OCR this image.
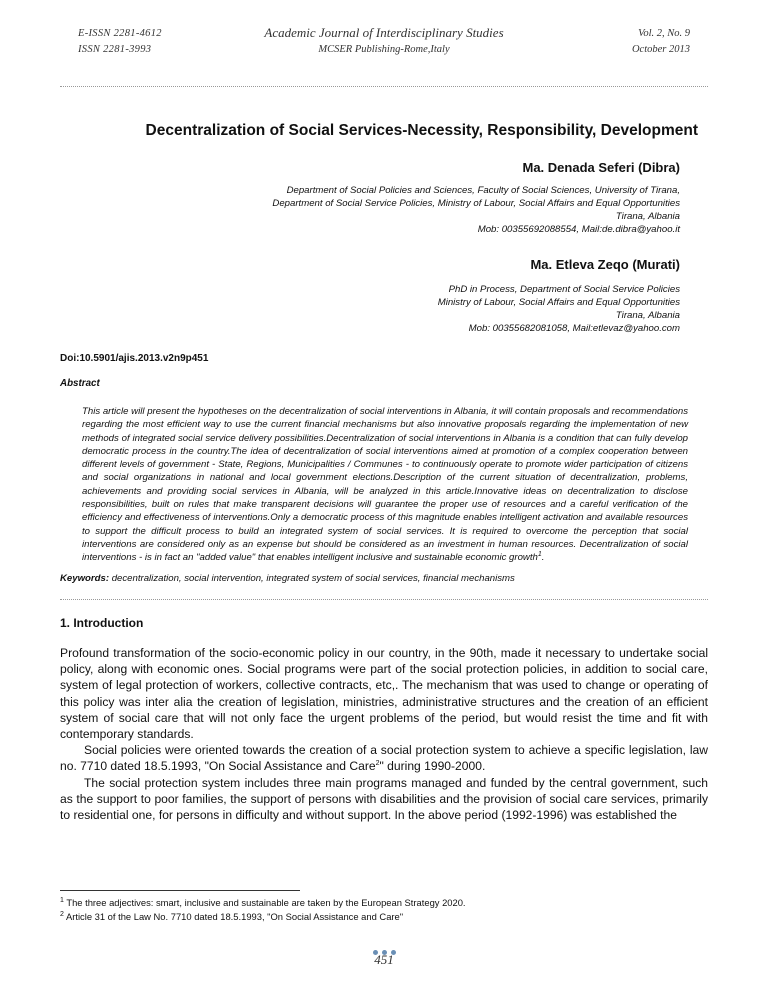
E-ISSN 2281-4612
ISSN 2281-3993
Academic Journal of Interdisciplinary Studies
MCSER Publishing-Rome,Italy
Vol. 2, No. 9
October 2013
Decentralization of Social Services-Necessity, Responsibility, Development
Ma. Denada Seferi (Dibra)
Department of Social Policies and Sciences, Faculty of Social Sciences, University of Tirana,
Department of Social Service Policies, Ministry of Labour, Social Affairs and Equal Opportunities
Tirana, Albania
Mob: 00355692088554, Mail:de.dibra@yahoo.it
Ma. Etleva Zeqo (Murati)
PhD in Process, Department of Social Service Policies
Ministry of Labour, Social Affairs and Equal Opportunities
Tirana, Albania
Mob: 00355682081058, Mail:etlevaz@yahoo.com
Doi:10.5901/ajis.2013.v2n9p451
Abstract
This article will present the hypotheses on the decentralization of social interventions in Albania, it will contain proposals and recommendations regarding the most efficient way to use the current financial mechanisms but also innovative proposals regarding the implementation of new methods of integrated social service delivery possibilities.Decentralization of social interventions in Albania is a condition that can fully develop democratic process in the country.The idea of decentralization of social interventions aimed at promotion of a complex cooperation between different levels of government - State, Regions, Municipalities / Communes - to continuously operate to promote wider participation of citizens and social organizations in national and local government elections.Description of the current situation of decentralization, problems, achievements and providing social services in Albania, will be analyzed in this article.Innovative ideas on decentralization to disclose responsibilities, built on rules that make transparent decisions will guarantee the proper use of resources and a careful verification of the efficiency and effectiveness of interventions.Only a democratic process of this magnitude enables intelligent activation and available resources to support the difficult process to build an integrated system of social services. It is required to overcome the perception that social interventions are considered only as an expense but should be considered as an investment in human resources. Decentralization of social interventions - is in fact an "added value" that enables intelligent inclusive and sustainable economic growth$^1$.
Keywords: decentralization, social intervention, integrated system of social services, financial mechanisms
1. Introduction

Profound transformation of the socio-economic policy in our country, in the 90th, made it necessary to undertake social policy, along with economic ones. Social programs were part of the social protection policies, in addition to social care, system of legal protection of workers, collective contracts, etc,. The mechanism that was used to change or operating of this policy was inter alia the creation of legislation, ministries, administrative structures and the creation of an efficient system of social care that will not only face the urgent problems of the period, but would resist the time and fit with contemporary standards.

Social policies were oriented towards the creation of a social protection system to achieve a specific legislation, law no. 7710 dated 18.5.1993, "On Social Assistance and Care$^2$" during 1990-2000.

The social protection system includes three main programs managed and funded by the central government, such as the support to poor families, the support of persons with disabilities and the provision of social care services, primarily to residential one, for persons in difficulty and without support. In the above period (1992-1996) was established the

$^1$ The three adjectives: smart, inclusive and sustainable are taken by the European Strategy 2020.
$^2$ Article 31 of the Law No. 7710 dated 18.5.1993, "On Social Assistance and Care"
451
